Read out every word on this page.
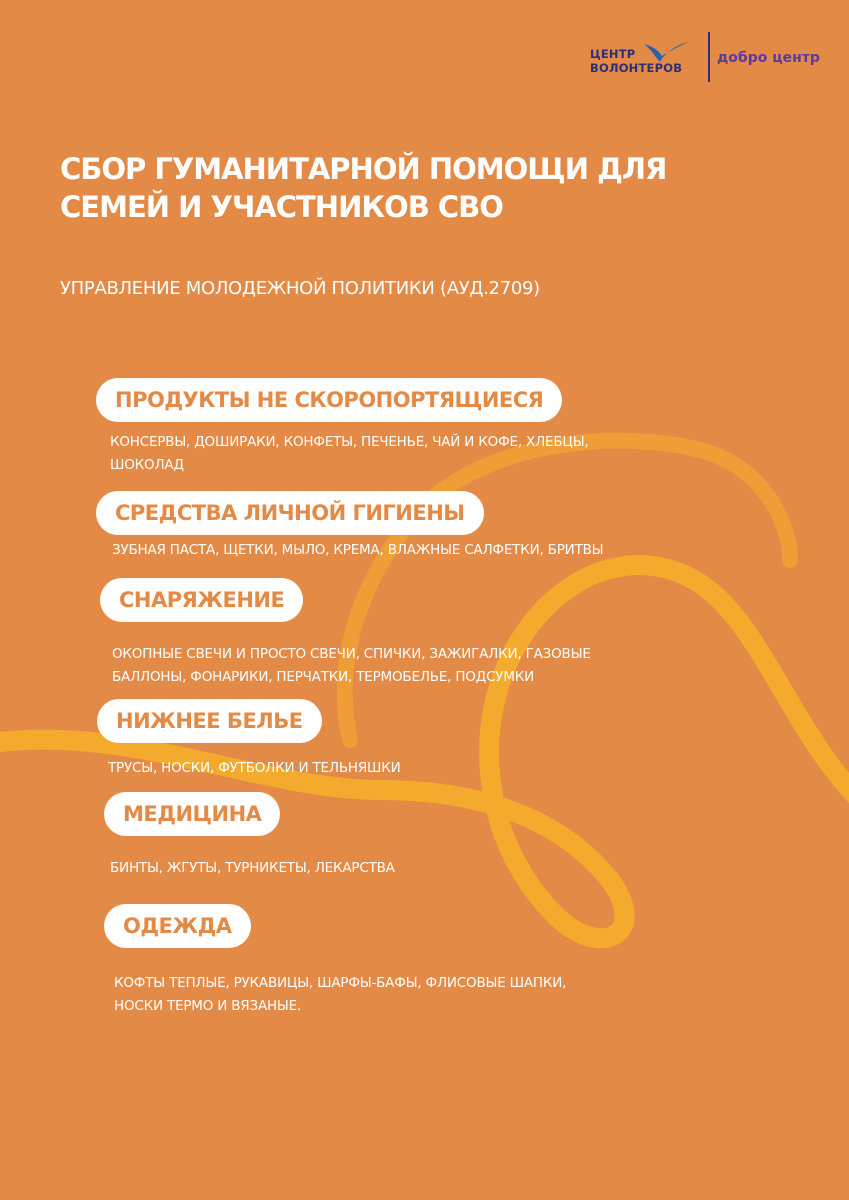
ЦЕНТР
ВОЛОНТЕРОВ
добро центр
СБОР ГУМАНИТАРНОЙ ПОМОЩИ ДЛЯ
СЕМЕЙ И УЧАСТНИКОВ СВО

УПРАВЛЕНИЕ МОЛОДЕЖНОЙ ПОЛИТИКИ (АУД.2709)

ПРОДУКТЫ НЕ СКОРОПОРТЯЩИЕСЯ
КОНСЕРВЫ, ДОШИРАКИ, КОНФЕТЫ, ПЕЧЕНЬЕ, ЧАЙ И КОФЕ, ХЛЕБЦЫ,
ШОКОЛАД
СРЕДСТВА ЛИЧНОЙ ГИГИЕНЫ
ЗУБНАЯ ПАСТА, ЩЕТКИ, МЫЛО, КРЕМА, ВЛАЖНЫЕ САЛФЕТКИ, БРИТВЫ
СНАРЯЖЕНИЕ
ОКОПНЫЕ СВЕЧИ И ПРОСТО СВЕЧИ, СПИЧКИ, ЗАЖИГАЛКИ, ГАЗОВЫЕ
БАЛЛОНЫ, ФОНАРИКИ, ПЕРЧАТКИ, ТЕРМОБЕЛЬЕ, ПОДСУМКИ
НИЖНЕЕ БЕЛЬЕ
ТРУСЫ, НОСКИ, ФУТБОЛКИ И ТЕЛЬНЯШКИ
МЕДИЦИНА
БИНТЫ, ЖГУТЫ, ТУРНИКЕТЫ, ЛЕКАРСТВА
ОДЕЖДА
КОФТЫ ТЕПЛЫЕ, РУКАВИЦЫ, ШАРФЫ-БАФЫ, ФЛИСОВЫЕ ШАПКИ,
НОСКИ ТЕРМО И ВЯЗАНЫЕ.
